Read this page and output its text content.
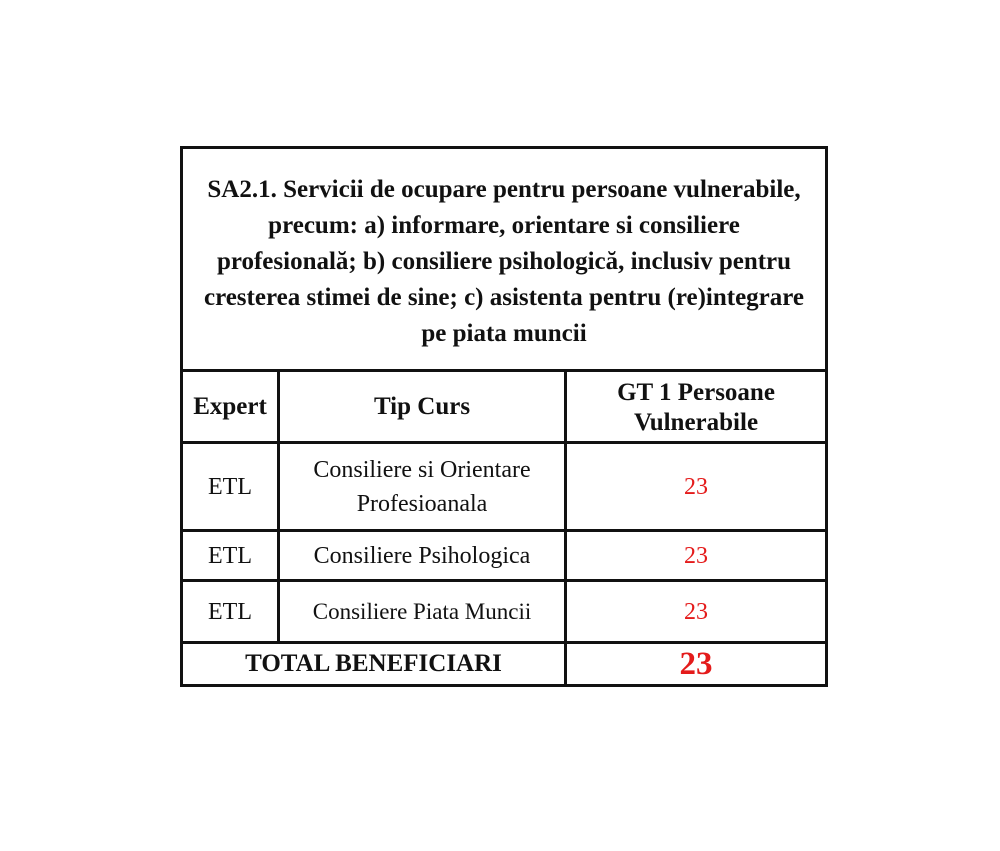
SA2.1. Servicii de ocupare pentru persoane vulnerabile, precum: a) informare, orientare si consiliere profesională; b) consiliere psihologică, inclusiv pentru cresterea stimei de sine; c) asistenta pentru (re)integrare pe piata muncii		
Expert	Tip Curs	GT 1 Persoane Vulnerabile

ETL	Consiliere si Orientare Profesioanala	23
ETL	Consiliere Psihologica	23
ETL	Consiliere Piata Muncii	23
TOTAL BENEFICIARI		23
